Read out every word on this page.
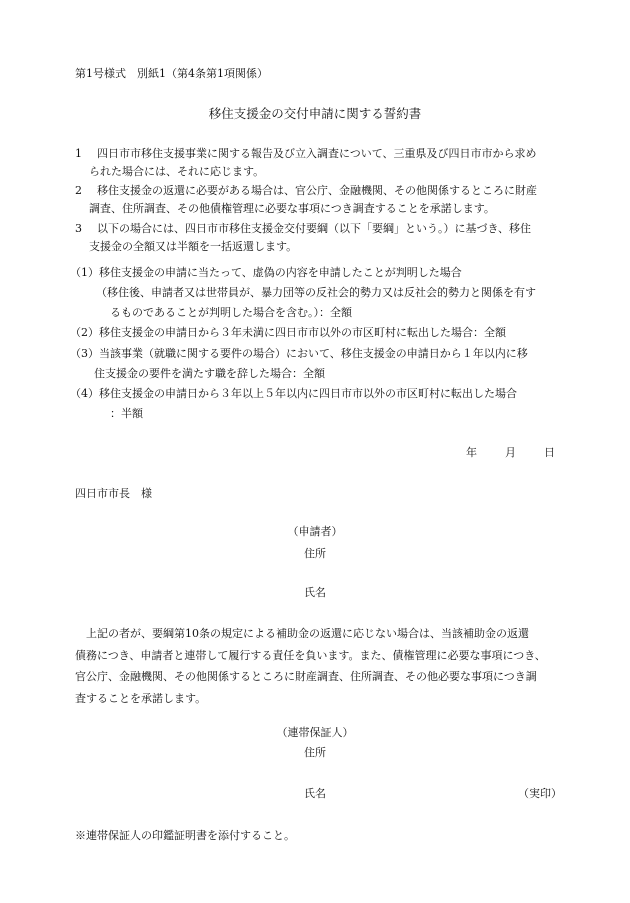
第1号様式　別紙1（第4条第1項関係）
移住支援金の交付申請に関する誓約書
1 四日市市移住支援事業に関する報告及び立入調査について、三重県及び四日市市から求め
られた場合には、それに応じます。
2 移住支援金の返還に必要がある場合は、官公庁、金融機関、その他関係するところに財産
調査、住所調査、その他債権管理に必要な事項につき調査することを承諾します。
3 以下の場合には、四日市市移住支援金交付要綱（以下「要綱」という。）に基づき、移住
支援金の全額又は半額を一括返還します。
（1）移住支援金の申請に当たって、虚偽の内容を申請したことが判明した場合
（移住後、申請者又は世帯員が、暴力団等の反社会的勢力又は反社会的勢力と関係を有す
るものであることが判明した場合を含む。）：全額
（2）移住支援金の申請日から３年未満に四日市市以外の市区町村に転出した場合：全額
（3）当該事業（就職に関する要件の場合）において、移住支援金の申請日から１年以内に移
住支援金の要件を満たす職を辞した場合：全額
（4）移住支援金の申請日から３年以上５年以内に四日市市以外の市区町村に転出した場合
：半額
年	月	日
四日市市長　様
（申請者）
住所
氏名
上記の者が、要綱第10条の規定による補助金の返還に応じない場合は、当該補助金の返還
債務につき、申請者と連帯して履行する責任を負います。また、債権管理に必要な事項につき、
官公庁、金融機関、その他関係するところに財産調査、住所調査、その他必要な事項につき調
査することを承諾します。
（連帯保証人）
住所
氏名	（実印）
※連帯保証人の印鑑証明書を添付すること。
